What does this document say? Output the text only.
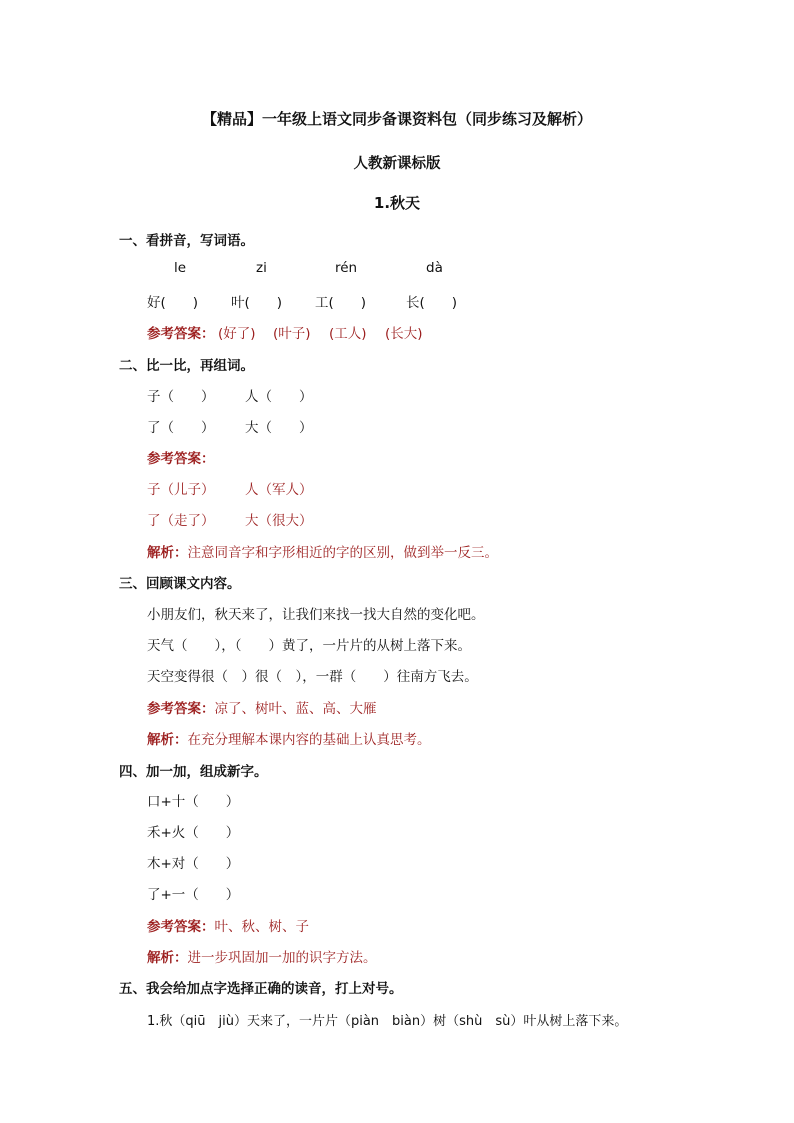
【精品】一年级上语文同步备课资料包（同步练习及解析）
人教新课标版
1.秋天
一、看拼音，写词语。
le	zi	rén	dà
好(　　) 叶(　　) 工(　　)	长(　　)
参考答案： (好了) (叶子) (工人) (长大)
二、比一比，再组词。
子（　　） 人（　　）
了（　　） 大（　　）
参考答案：
子（儿子） 人（军人）
了（走了） 大（很大）
解析：注意同音字和字形相近的字的区别，做到举一反三。
三、回顾课文内容。
小朋友们，秋天来了，让我们来找一找大自然的变化吧。
天气（　　），（　　）黄了，一片片的从树上落下来。
天空变得很（　）很（　），一群（　　）往南方飞去。
参考答案：凉了、树叶、蓝、高、大雁
解析：在充分理解本课内容的基础上认真思考。
四、加一加，组成新字。
口+十（　　）
禾+火（　　）
木+对（　　）
了+一（　　）
参考答案：叶、秋、树、子
解析：进一步巩固加一加的识字方法。
五、我会给加点字选择正确的读音，打上对号。
1.秋（qiū　jiù）天来了，一片片（piàn　biàn）树（shù　sù）叶从树上落下来。
